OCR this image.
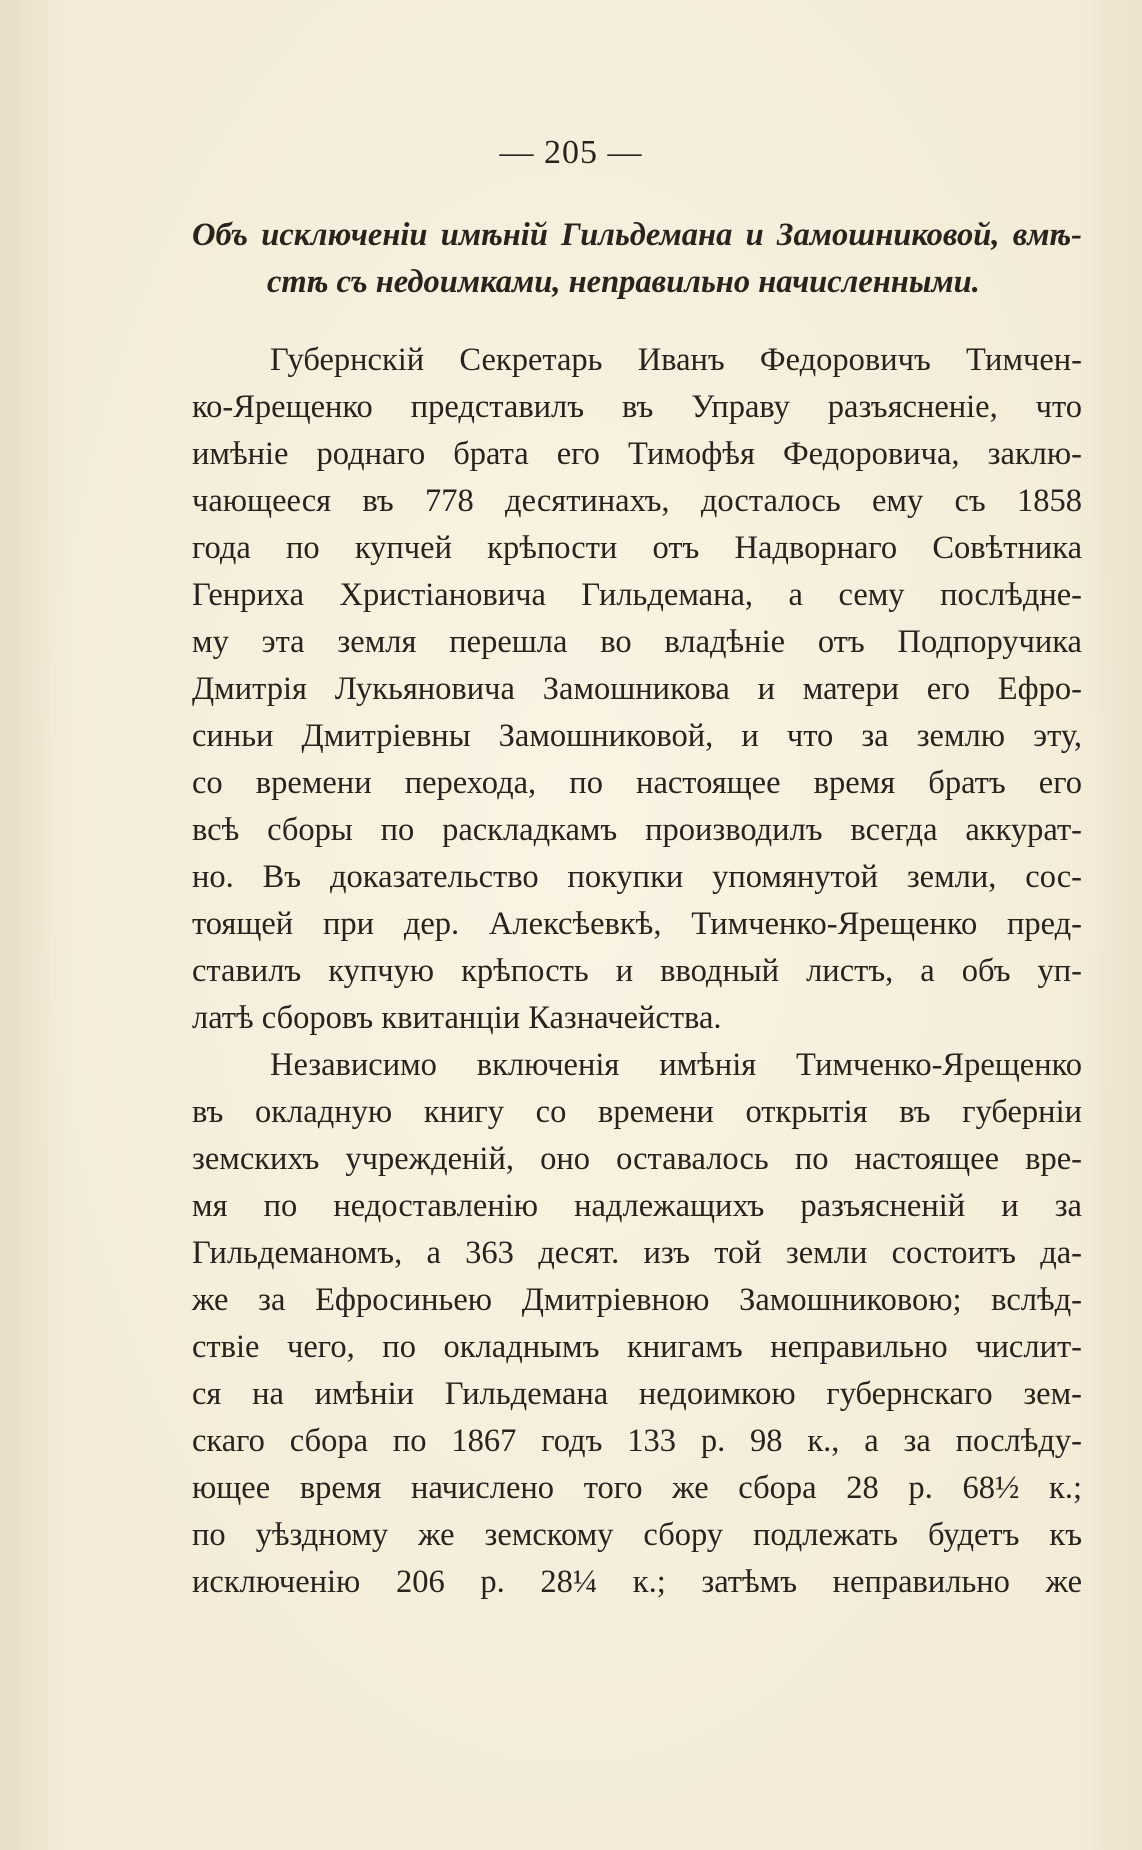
— 205 —

Объ исключеніи имѣній Гильдемана и Замошниковой, вмѣ-
стѣ съ недоимками, неправильно начисленными.
Губернскій Секретарь Иванъ Федоровичъ Тимчен-
ко-Ярещенко представилъ въ Управу разъясненіе, что
имѣніе роднаго брата его Тимофѣя Федоровича, заклю-
чающееся въ 778 десятинахъ, досталось ему съ 1858
года по купчей крѣпости отъ Надворнаго Совѣтника
Генриха Христіановича Гильдемана, а сему послѣдне-
му эта земля перешла во владѣніе отъ Подпоручика
Дмитрія Лукьяновича Замошникова и матери его Ефро-
синьи Дмитріевны Замошниковой, и что за землю эту,
со времени перехода, по настоящее время братъ его
всѣ сборы по раскладкамъ производилъ всегда аккурат-
но. Въ доказательство покупки упомянутой земли, сос-
тоящей при дер. Алексѣевкѣ, Тимченко-Ярещенко пред-
ставилъ купчую крѣпость и вводный листъ, а объ уп-
латѣ сборовъ квитанціи Казначейства.
Независимо включенія имѣнія Тимченко-Ярещенко
въ окладную книгу со времени открытія въ губерніи
земскихъ учрежденій, оно оставалось по настоящее вре-
мя по недоставленію надлежащихъ разъясненій и за
Гильдеманомъ, а 363 десят. изъ той земли состоитъ да-
же за Ефросиньею Дмитріевною Замошниковою; вслѣд-
ствіе чего, по окладнымъ книгамъ неправильно числит-
ся на имѣніи Гильдемана недоимкою губернскаго зем-
скаго сбора по 1867 годъ 133 р. 98 к., а за послѣду-
ющее время начислено того же сбора 28 р. 68½ к.;
по уѣздному же земскому сбору подлежать будетъ къ
исключенію 206 р. 28¼ к.; затѣмъ неправильно же
